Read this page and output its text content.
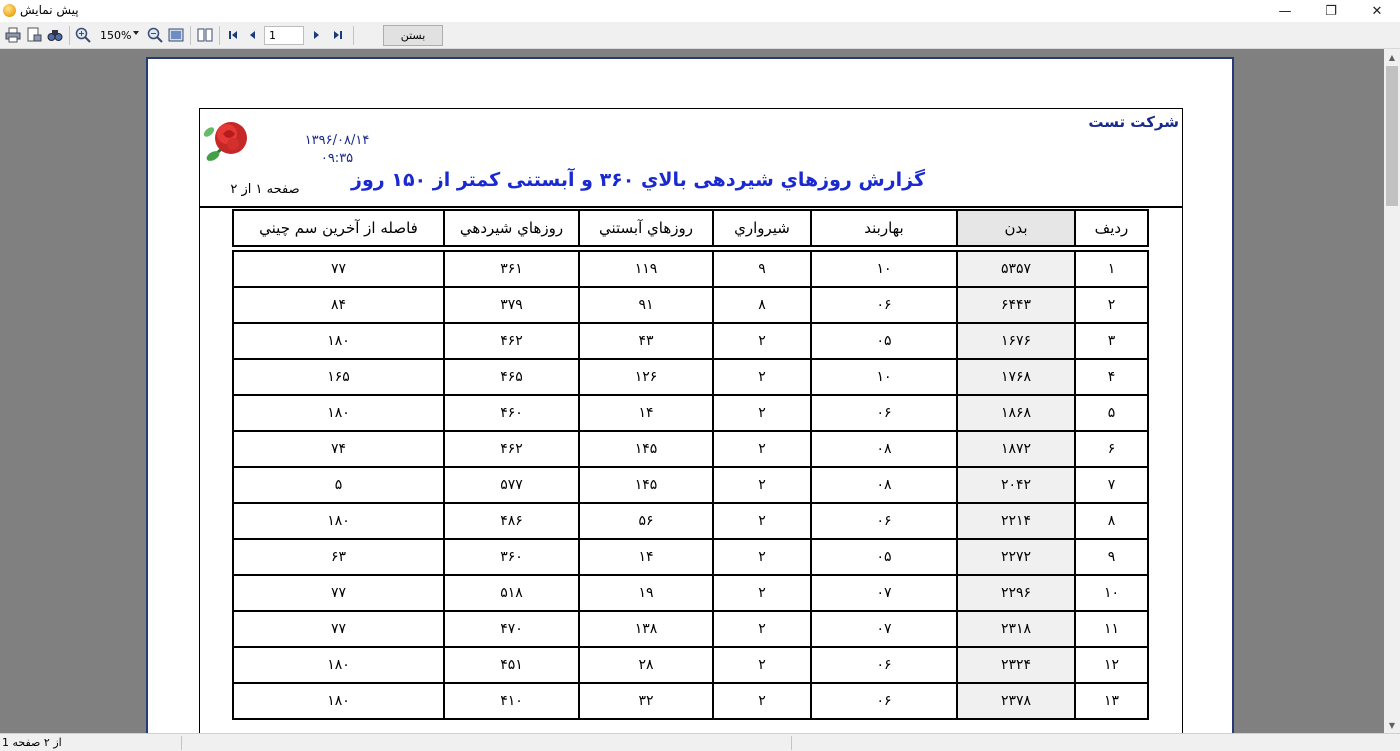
پیش نمایش	—	❐	✕
150%	1	بستن
شرکت تست
۱۳۹۶/۰۸/۱۴
۰۹:۳۵
گزارش روزهاي شيردهی بالاي ۳۶۰ و آبستنی کمتر از ۱۵۰ روز
صفحه ۱ از ۲
رديف	بدن	بهاربند	شيرواري	روزهاي آبستني	روزهاي شيردهي	فاصله از آخرين سم چيني
۱	۵۳۵۷	۱۰	۹	۱۱۹	۳۶۱	۷۷
۲	۶۴۴۳	۰۶	۸	۹۱	۳۷۹	۸۴
۳	۱۶۷۶	۰۵	۲	۴۳	۴۶۲	۱۸۰
۴	۱۷۶۸	۱۰	۲	۱۲۶	۴۶۵	۱۶۵
۵	۱۸۶۸	۰۶	۲	۱۴	۴۶۰	۱۸۰
۶	۱۸۷۲	۰۸	۲	۱۴۵	۴۶۲	۷۴
۷	۲۰۴۲	۰۸	۲	۱۴۵	۵۷۷	۵
۸	۲۲۱۴	۰۶	۲	۵۶	۴۸۶	۱۸۰
۹	۲۲۷۲	۰۵	۲	۱۴	۳۶۰	۶۳
۱۰	۲۲۹۶	۰۷	۲	۱۹	۵۱۸	۷۷
۱۱	۲۳۱۸	۰۷	۲	۱۳۸	۴۷۰	۷۷
۱۲	۲۳۲۴	۰۶	۲	۲۸	۴۵۱	۱۸۰
۱۳	۲۳۷۸	۰۶	۲	۳۲	۴۱۰	۱۸۰
▲
▼
از ۲ صفحه 1
